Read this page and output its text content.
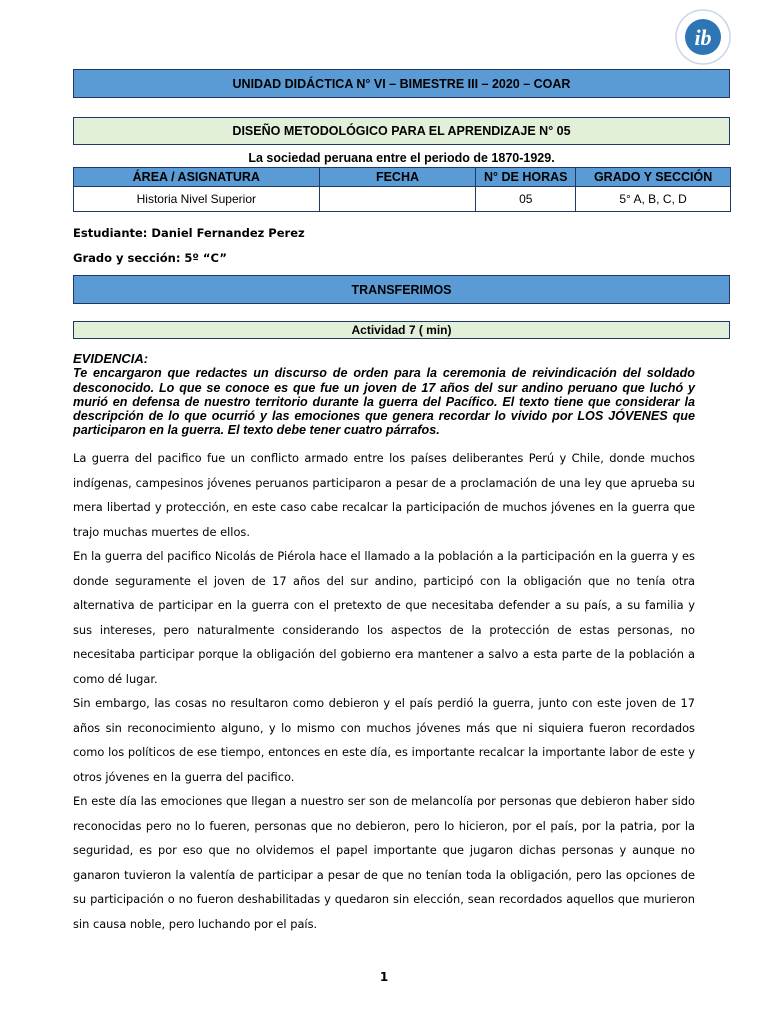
ib
UNIDAD DIDÁCTICA N° VI – BIMESTRE III – 2020 – COAR
DISEÑO METODOLÓGICO PARA EL APRENDIZAJE N° 05
La sociedad peruana entre el periodo de 1870-1929.
ÁREA / ASIGNATURA	FECHA	N° DE HORAS	GRADO Y SECCIÓN
Historia Nivel Superior		05	5° A, B, C, D
Estudiante: Daniel Fernandez Perez
Grado y sección: 5º “C”
TRANSFERIMOS
Actividad 7 ( min)
EVIDENCIA:
Te encargaron que redactes un discurso de orden para la ceremonia de reivindicación del soldado desconocido. Lo que se conoce es que fue un joven de 17 años del sur andino peruano que luchó y murió en defensa de nuestro territorio durante la guerra del Pacífico. El texto tiene que considerar la descripción de lo que ocurrió y las emociones que genera recordar lo vivido por LOS JÓVENES que participaron en la guerra. El texto debe tener cuatro párrafos.

La guerra del pacifico fue un conflicto armado entre los países deliberantes Perú y Chile, donde muchos indígenas, campesinos jóvenes peruanos participaron a pesar de a proclamación de una ley que aprueba su mera libertad y protección, en este caso cabe recalcar la participación de muchos jóvenes en la guerra que trajo muchas muertes de ellos.

En la guerra del pacifico Nicolás de Piérola hace el llamado a la población a la participación en la guerra y es donde seguramente el joven de 17 años del sur andino, participó con la obligación que no tenía otra alternativa de participar en la guerra con el pretexto de que necesitaba defender a su país, a su familia y sus intereses, pero naturalmente considerando los aspectos de la protección de estas personas, no necesitaba participar porque la obligación del gobierno era mantener a salvo a esta parte de la población a como dé lugar.

Sin embargo, las cosas no resultaron como debieron y el país perdió la guerra, junto con este joven de 17 años sin reconocimiento alguno, y lo mismo con muchos jóvenes más que ni siquiera fueron recordados como los políticos de ese tiempo, entonces en este día, es importante recalcar la importante labor de este y otros jóvenes en la guerra del pacifico.

En este día las emociones que llegan a nuestro ser son de melancolía por personas que debieron haber sido reconocidas pero no lo fueren, personas que no debieron, pero lo hicieron, por el país, por la patria, por la seguridad, es por eso que no olvidemos el papel importante que jugaron dichas personas y aunque no ganaron tuvieron la valentía de participar a pesar de que no tenían toda la obligación, pero las opciones de su participación o no fueron deshabilitadas y quedaron sin elección, sean recordados aquellos que murieron sin causa noble, pero luchando por el país.

1
